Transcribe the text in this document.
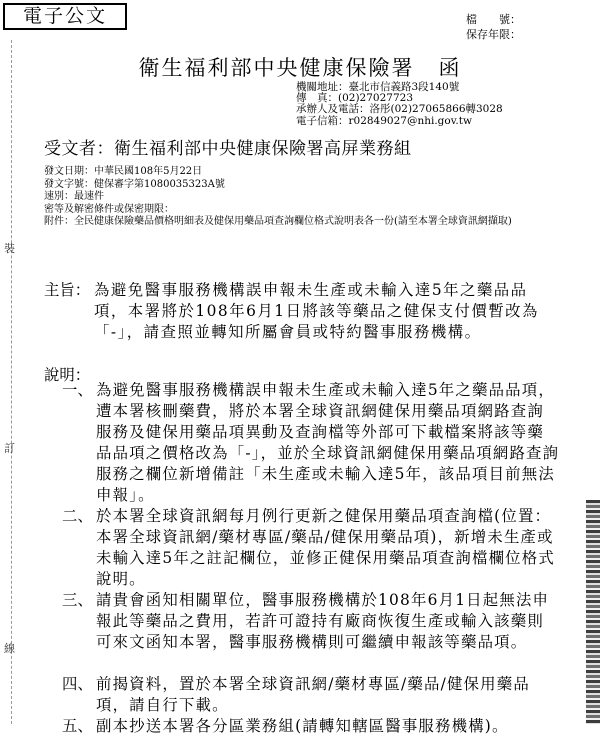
裝
訂
線
電子公文	檔　　號：
保存年限：
衛生福利部中央健康保險署 函
機關地址：臺北市信義路3段140號
傳　真：(02)27027723
承辦人及電話：洛彤(02)27065866轉3028
電子信箱：r02849027@nhi.gov.tw
受文者：衛生福利部中央健康保險署高屏業務組
發文日期： 中華民國108年5月22日
發文字號： 健保審字第1080035323A號
速別： 最速件
密等及解密條件或保密期限：
附件： 全民健康保險藥品價格明細表及健保用藥品項查詢欄位格式說明表各一份(請至本署全球資訊網擷取)
主旨： 為避免醫事服務機構誤申報未生產或未輸入達5年之藥品品項，本署將於108年6月1日將該等藥品之健保支付價暫改為「-」，請查照並轉知所屬會員或特約醫事服務機構。
說明：
一、 為避免醫事服務機構誤申報未生產或未輸入達5年之藥品品項，遭本署核刪藥費，將於本署全球資訊網健保用藥品項網路查詢服務及健保用藥品項異動及查詢檔等外部可下載檔案將該等藥品品項之價格改為「-」，並於全球資訊網健保用藥品項網路查詢服務之欄位新增備註「未生產或未輸入達5年，該品項目前無法申報」。
二、 於本署全球資訊網每月例行更新之健保用藥品項查詢檔(位置：本署全球資訊網/藥材專區/藥品/健保用藥品項)，新增未生產或未輸入達5年之註記欄位，並修正健保用藥品項查詢檔欄位格式說明。
三、 請貴會函知相關單位，醫事服務機構於108年6月1日起無法申報此等藥品之費用，若許可證持有廠商恢復生產或輸入該藥則可來文函知本署，醫事服務機構則可繼續申報該等藥品項。
四、 前揭資料，置於本署全球資訊網/藥材專區/藥品/健保用藥品項，請自行下載。
五、 副本抄送本署各分區業務組(請轉知轄區醫事服務機構)。
